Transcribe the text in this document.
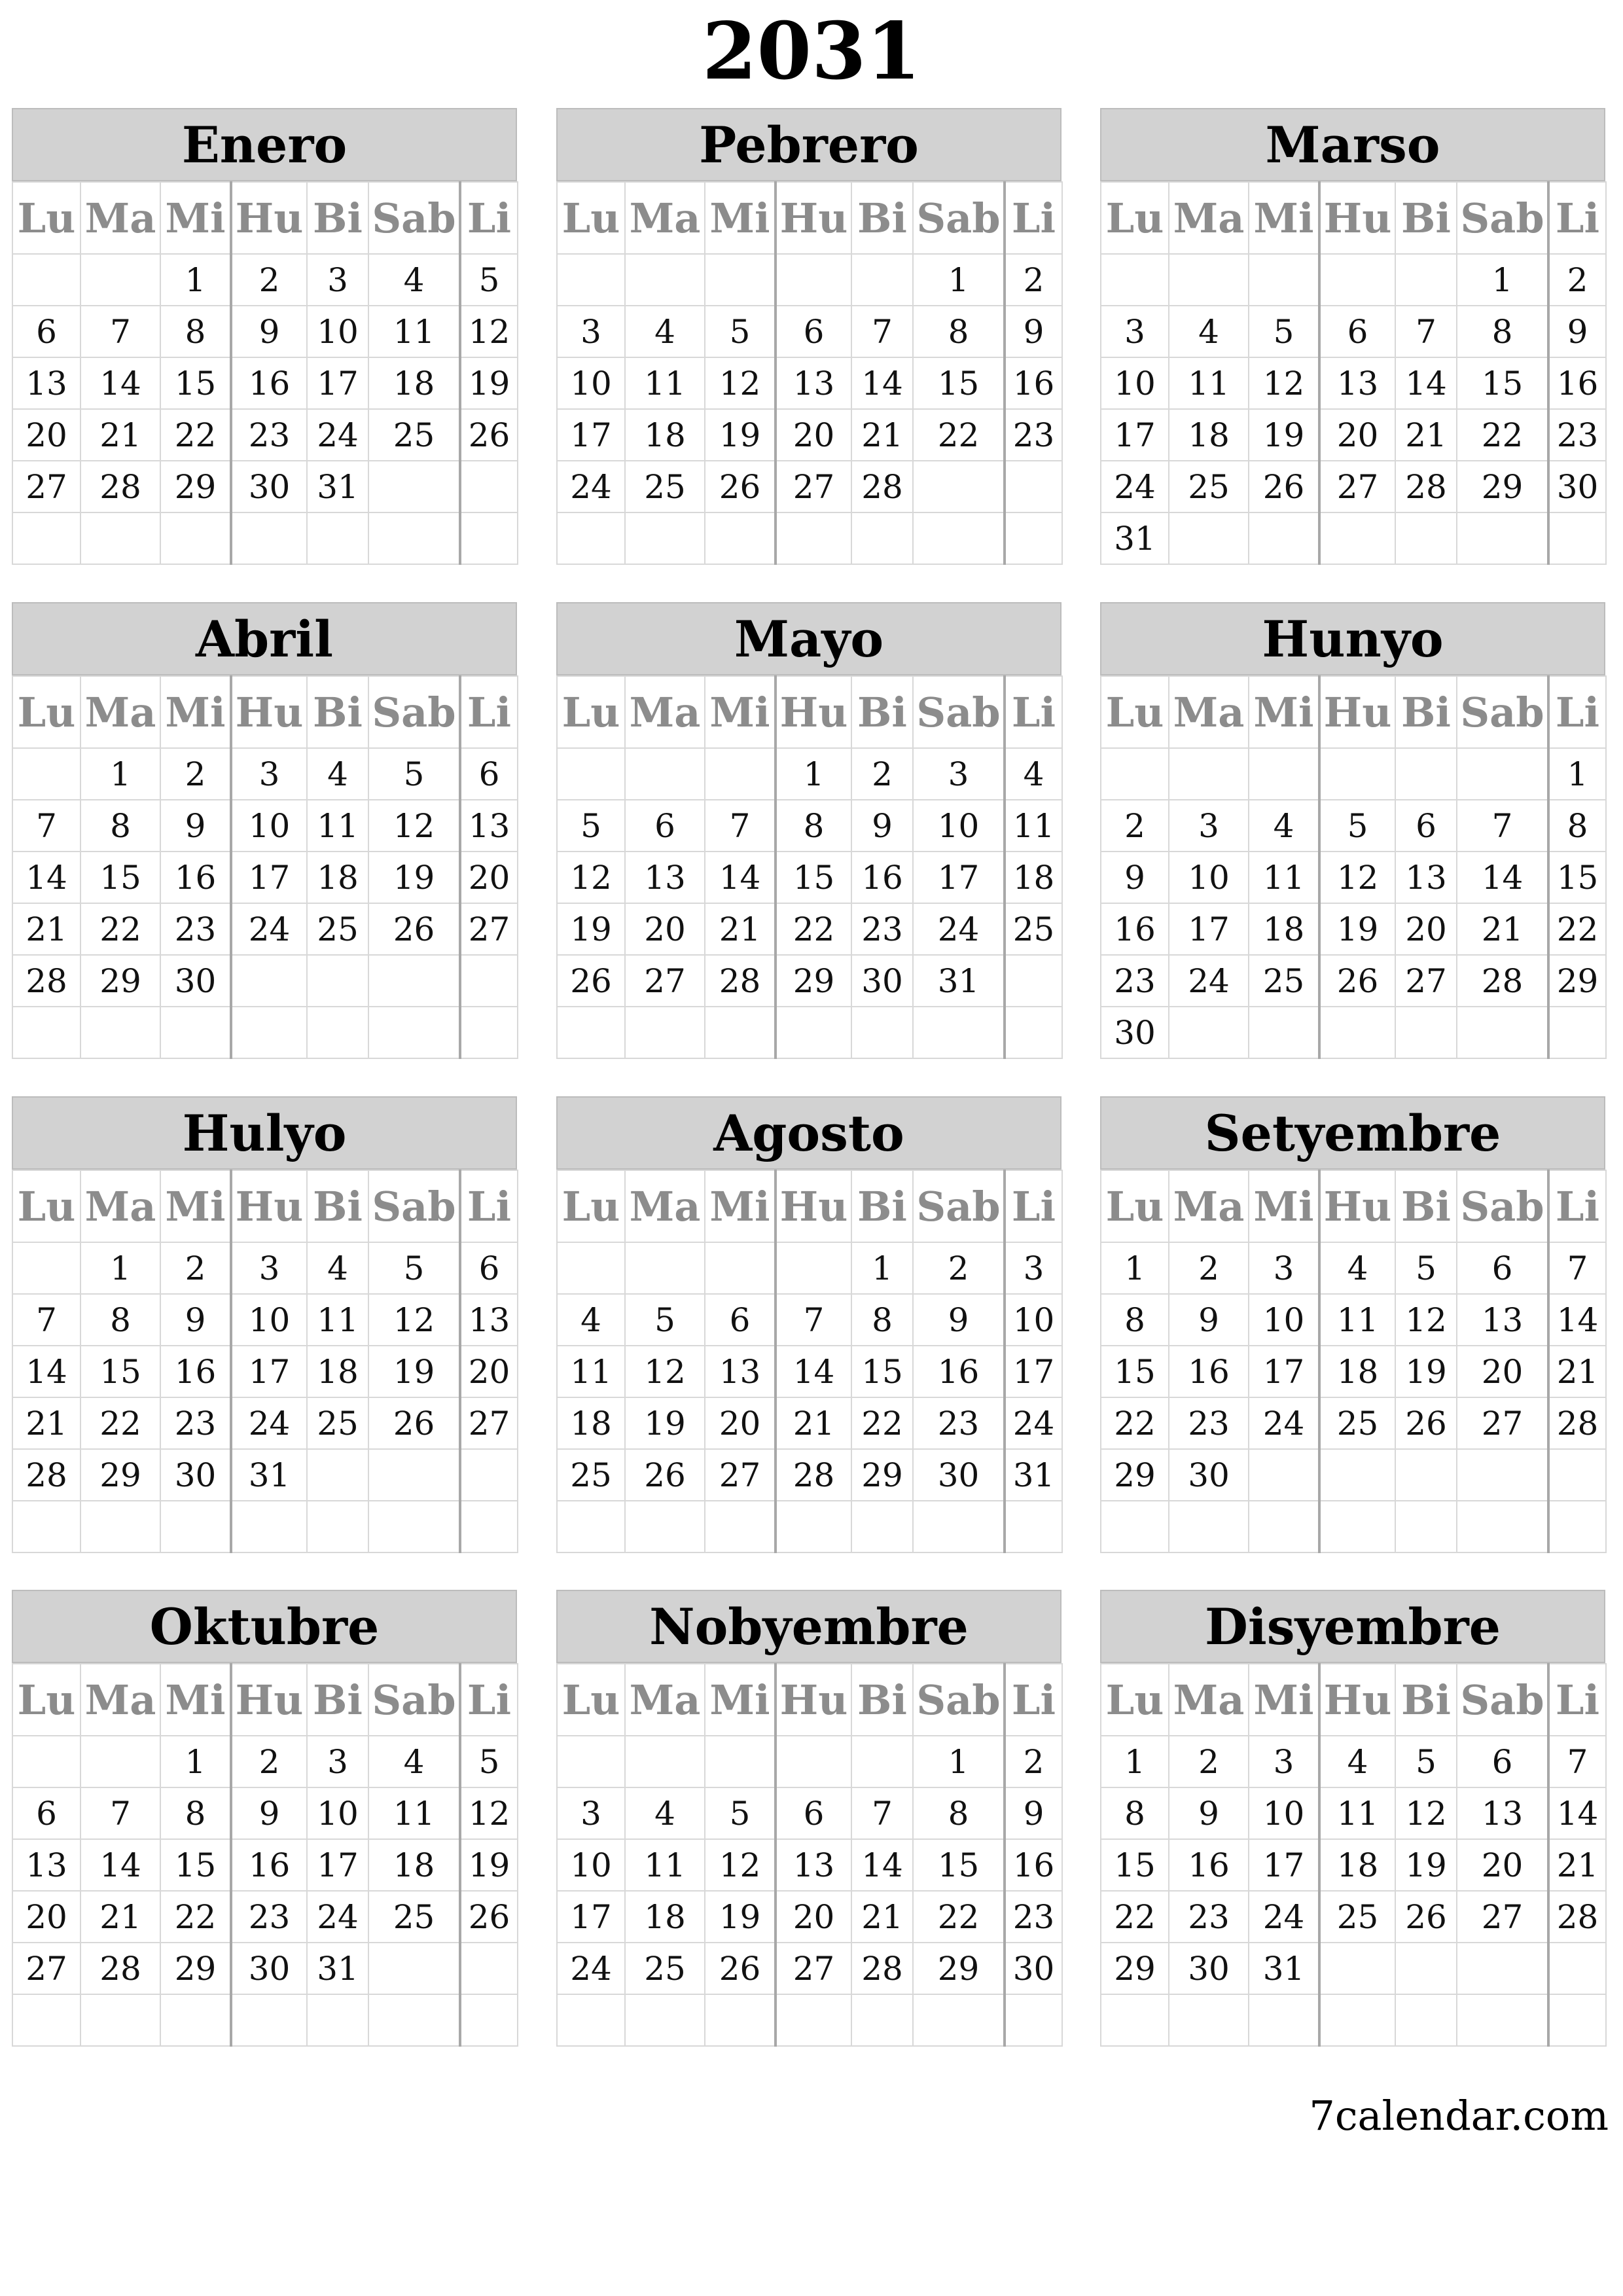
2031
Enero
Lu	Ma	Mi	Hu	Bi	Sab	Li
		1	2	3	4	5
6	7	8	9	10	11	12
13	14	15	16	17	18	19
20	21	22	23	24	25	26
27	28	29	30	31		

Pebrero
Lu	Ma	Mi	Hu	Bi	Sab	Li
					1	2
3	4	5	6	7	8	9
10	11	12	13	14	15	16
17	18	19	20	21	22	23
24	25	26	27	28		

Marso
Lu	Ma	Mi	Hu	Bi	Sab	Li
					1	2
3	4	5	6	7	8	9
10	11	12	13	14	15	16
17	18	19	20	21	22	23
24	25	26	27	28	29	30
31						
Abril
Lu	Ma	Mi	Hu	Bi	Sab	Li
	1	2	3	4	5	6
7	8	9	10	11	12	13
14	15	16	17	18	19	20
21	22	23	24	25	26	27
28	29	30				

Mayo
Lu	Ma	Mi	Hu	Bi	Sab	Li
			1	2	3	4
5	6	7	8	9	10	11
12	13	14	15	16	17	18
19	20	21	22	23	24	25
26	27	28	29	30	31	

Hunyo
Lu	Ma	Mi	Hu	Bi	Sab	Li
						1
2	3	4	5	6	7	8
9	10	11	12	13	14	15
16	17	18	19	20	21	22
23	24	25	26	27	28	29
30						
Hulyo
Lu	Ma	Mi	Hu	Bi	Sab	Li
	1	2	3	4	5	6
7	8	9	10	11	12	13
14	15	16	17	18	19	20
21	22	23	24	25	26	27
28	29	30	31			

Agosto
Lu	Ma	Mi	Hu	Bi	Sab	Li
				1	2	3
4	5	6	7	8	9	10
11	12	13	14	15	16	17
18	19	20	21	22	23	24
25	26	27	28	29	30	31

Setyembre
Lu	Ma	Mi	Hu	Bi	Sab	Li
1	2	3	4	5	6	7
8	9	10	11	12	13	14
15	16	17	18	19	20	21
22	23	24	25	26	27	28
29	30					

Oktubre
Lu	Ma	Mi	Hu	Bi	Sab	Li
		1	2	3	4	5
6	7	8	9	10	11	12
13	14	15	16	17	18	19
20	21	22	23	24	25	26
27	28	29	30	31		

Nobyembre
Lu	Ma	Mi	Hu	Bi	Sab	Li
					1	2
3	4	5	6	7	8	9
10	11	12	13	14	15	16
17	18	19	20	21	22	23
24	25	26	27	28	29	30

Disyembre
Lu	Ma	Mi	Hu	Bi	Sab	Li
1	2	3	4	5	6	7
8	9	10	11	12	13	14
15	16	17	18	19	20	21
22	23	24	25	26	27	28
29	30	31				

7calendar.com
